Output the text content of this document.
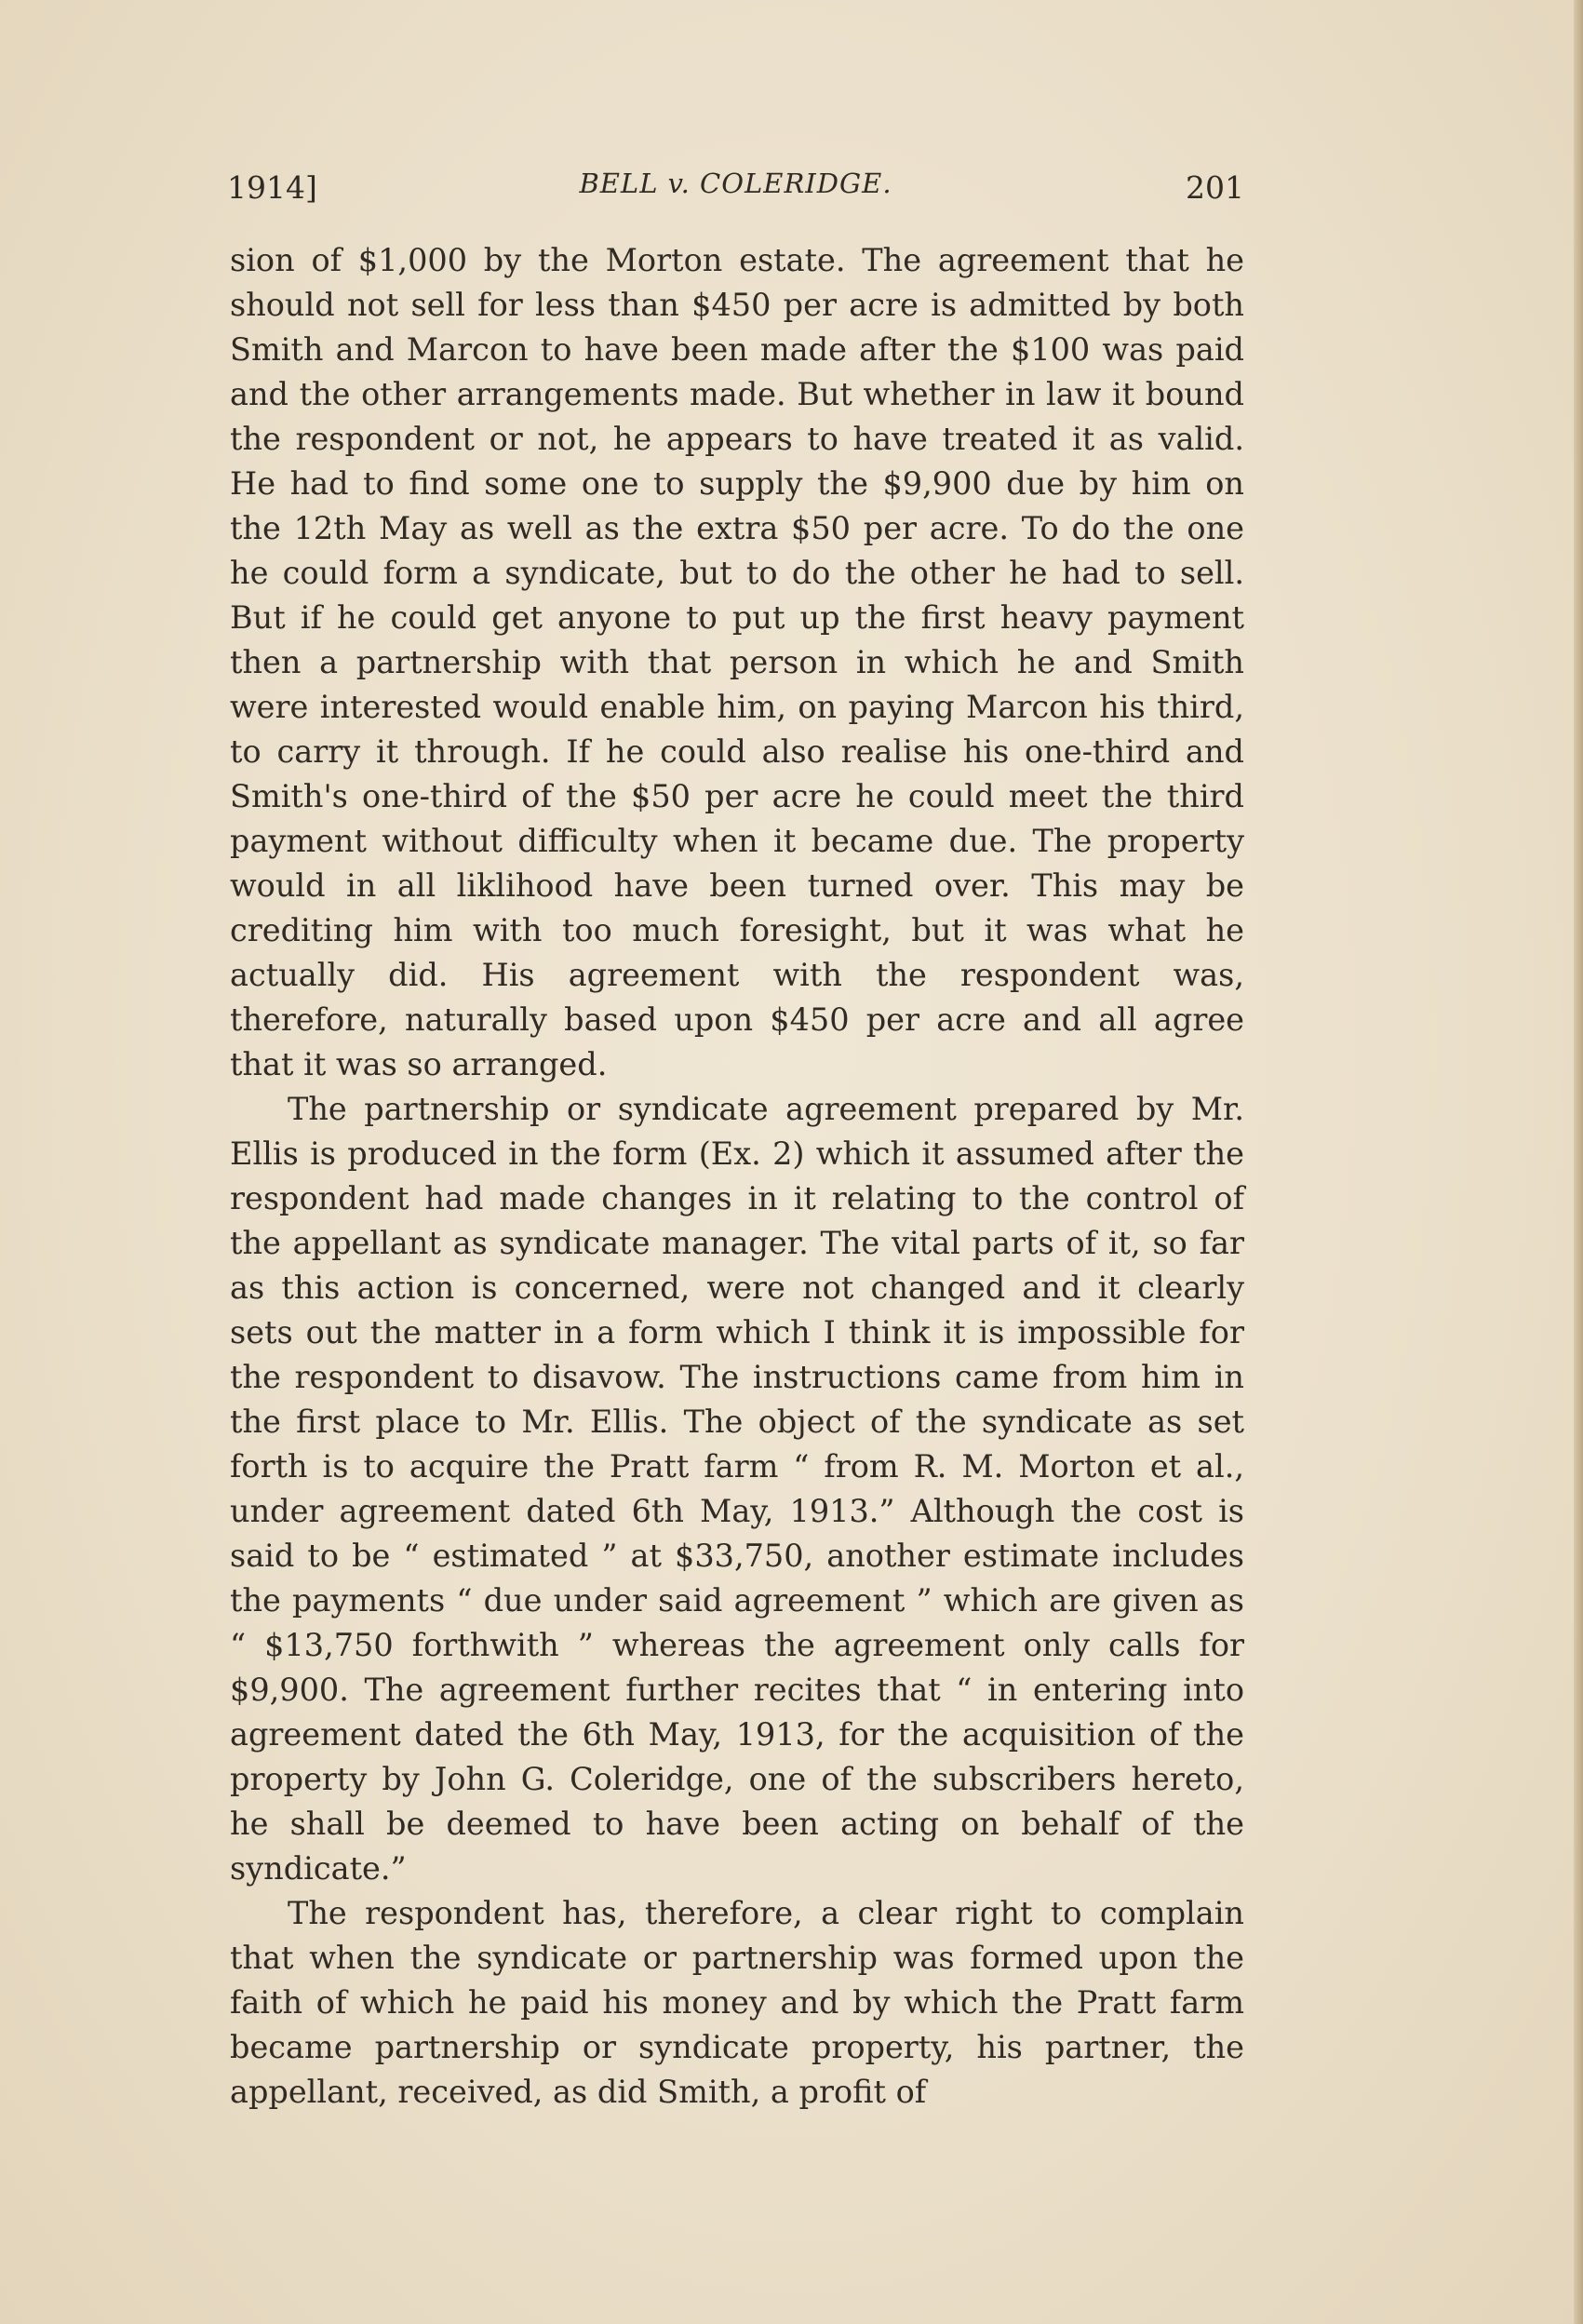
1914]	BELL v. COLERIDGE.	201

sion of $1,000 by the Morton estate. The agreement that he should not sell for less than $450 per acre is admitted by both Smith and Marcon to have been made after the $100 was paid and the other arrangements made. But whether in law it bound the respondent or not, he appears to have treated it as valid. He had to find some one to supply the $9,900 due by him on the 12th May as well as the extra $50 per acre. To do the one he could form a syndicate, but to do the other he had to sell. But if he could get anyone to put up the first heavy payment then a partnership with that person in which he and Smith were interested would enable him, on paying Marcon his third, to carry it through. If he could also realise his one-third and Smith's one-third of the $50 per acre he could meet the third payment without difficulty when it became due. The property would in all liklihood have been turned over. This may be crediting him with too much foresight, but it was what he actually did. His agreement with the respondent was, therefore, naturally based upon $450 per acre and all agree that it was so arranged.

The partnership or syndicate agreement prepared by Mr. Ellis is produced in the form (Ex. 2) which it assumed after the respondent had made changes in it relating to the control of the appellant as syndicate manager. The vital parts of it, so far as this action is concerned, were not changed and it clearly sets out the matter in a form which I think it is impossible for the respondent to disavow. The instructions came from him in the first place to Mr. Ellis. The object of the syndicate as set forth is to acquire the Pratt farm “ from R. M. Morton et al., under agreement dated 6th May, 1913.” Although the cost is said to be “ estimated ” at $33,750, another estimate includes the payments “ due under said agreement ” which are given as “ $13,750 forthwith ” whereas the agreement only calls for $9,900. The agreement further recites that “ in entering into agreement dated the 6th May, 1913, for the acquisition of the property by John G. Coleridge, one of the subscribers hereto, he shall be deemed to have been acting on behalf of the syndicate.”

The respondent has, therefore, a clear right to complain that when the syndicate or partnership was formed upon the faith of which he paid his money and by which the Pratt farm became partnership or syndicate property, his partner, the appellant, received, as did Smith, a profit of
